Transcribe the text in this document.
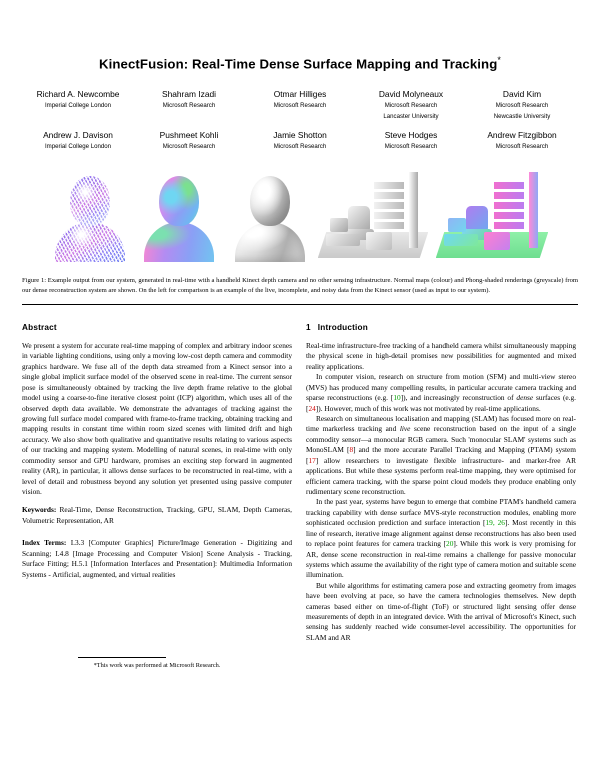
KinectFusion: Real-Time Dense Surface Mapping and Tracking*
Richard A. Newcombe
Imperial College London
Shahram Izadi
Microsoft Research
Otmar Hilliges
Microsoft Research
David Molyneaux
Microsoft Research
Lancaster University
David Kim
Microsoft Research
Newcastle University
Andrew J. Davison
Imperial College London
Pushmeet Kohli
Microsoft Research
Jamie Shotton
Microsoft Research
Steve Hodges
Microsoft Research
Andrew Fitzgibbon
Microsoft Research
Figure 1: Example output from our system, generated in real-time with a handheld Kinect depth camera and no other sensing infrastructure. Normal maps (colour) and Phong-shaded renderings (greyscale) from our dense reconstruction system are shown. On the left for comparison is an example of the live, incomplete, and noisy data from the Kinect sensor (used as input to our system).
Abstract

We present a system for accurate real-time mapping of complex and arbitrary indoor scenes in variable lighting conditions, using only a moving low-cost depth camera and commodity graphics hardware. We fuse all of the depth data streamed from a Kinect sensor into a single global implicit surface model of the observed scene in real-time. The current sensor pose is simultaneously obtained by tracking the live depth frame relative to the global model using a coarse-to-fine iterative closest point (ICP) algorithm, which uses all of the observed depth data available. We demonstrate the advantages of tracking against the growing full surface model compared with frame-to-frame tracking, obtaining tracking and mapping results in constant time within room sized scenes with limited drift and high accuracy. We also show both qualitative and quantitative results relating to various aspects of our tracking and mapping system. Modelling of natural scenes, in real-time with only commodity sensor and GPU hardware, promises an exciting step forward in augmented reality (AR), in particular, it allows dense surfaces to be reconstructed in real-time, with a level of detail and robustness beyond any solution yet presented using passive computer vision.

Keywords: Real-Time, Dense Reconstruction, Tracking, GPU, SLAM, Depth Cameras, Volumetric Representation, AR

Index Terms: I.3.3 [Computer Graphics] Picture/Image Generation - Digitizing and Scanning; I.4.8 [Image Processing and Computer Vision] Scene Analysis - Tracking, Surface Fitting; H.5.1 [Information Interfaces and Presentation]: Multimedia Information Systems - Artificial, augmented, and virtual realities

1 Introduction

Real-time infrastructure-free tracking of a handheld camera whilst simultaneously mapping the physical scene in high-detail promises new possibilities for augmented and mixed reality applications.

In computer vision, research on structure from motion (SFM) and multi-view stereo (MVS) has produced many compelling results, in particular accurate camera tracking and sparse reconstructions (e.g. [10]), and increasingly reconstruction of dense surfaces (e.g. [24]). However, much of this work was not motivated by real-time applications.

Research on simultaneous localisation and mapping (SLAM) has focused more on real-time markerless tracking and live scene reconstruction based on the input of a single commodity sensor—a monocular RGB camera. Such 'monocular SLAM' systems such as MonoSLAM [8] and the more accurate Parallel Tracking and Mapping (PTAM) system [17] allow researchers to investigate flexible infrastructure- and marker-free AR applications. But while these systems perform real-time mapping, they were optimised for efficient camera tracking, with the sparse point cloud models they produce enabling only rudimentary scene reconstruction.

In the past year, systems have begun to emerge that combine PTAM's handheld camera tracking capability with dense surface MVS-style reconstruction modules, enabling more sophisticated occlusion prediction and surface interaction [19, 26]. Most recently in this line of research, iterative image alignment against dense reconstructions has also been used to replace point features for camera tracking [20]. While this work is very promising for AR, dense scene reconstruction in real-time remains a challenge for passive monocular systems which assume the availability of the right type of camera motion and suitable scene illumination.

But while algorithms for estimating camera pose and extracting geometry from images have been evolving at pace, so have the camera technologies themselves. New depth cameras based either on time-of-flight (ToF) or structured light sensing offer dense measurements of depth in an integrated device. With the arrival of Microsoft's Kinect, such sensing has suddenly reached wide consumer-level accessibility. The opportunities for SLAM and AR

*This work was performed at Microsoft Research.
